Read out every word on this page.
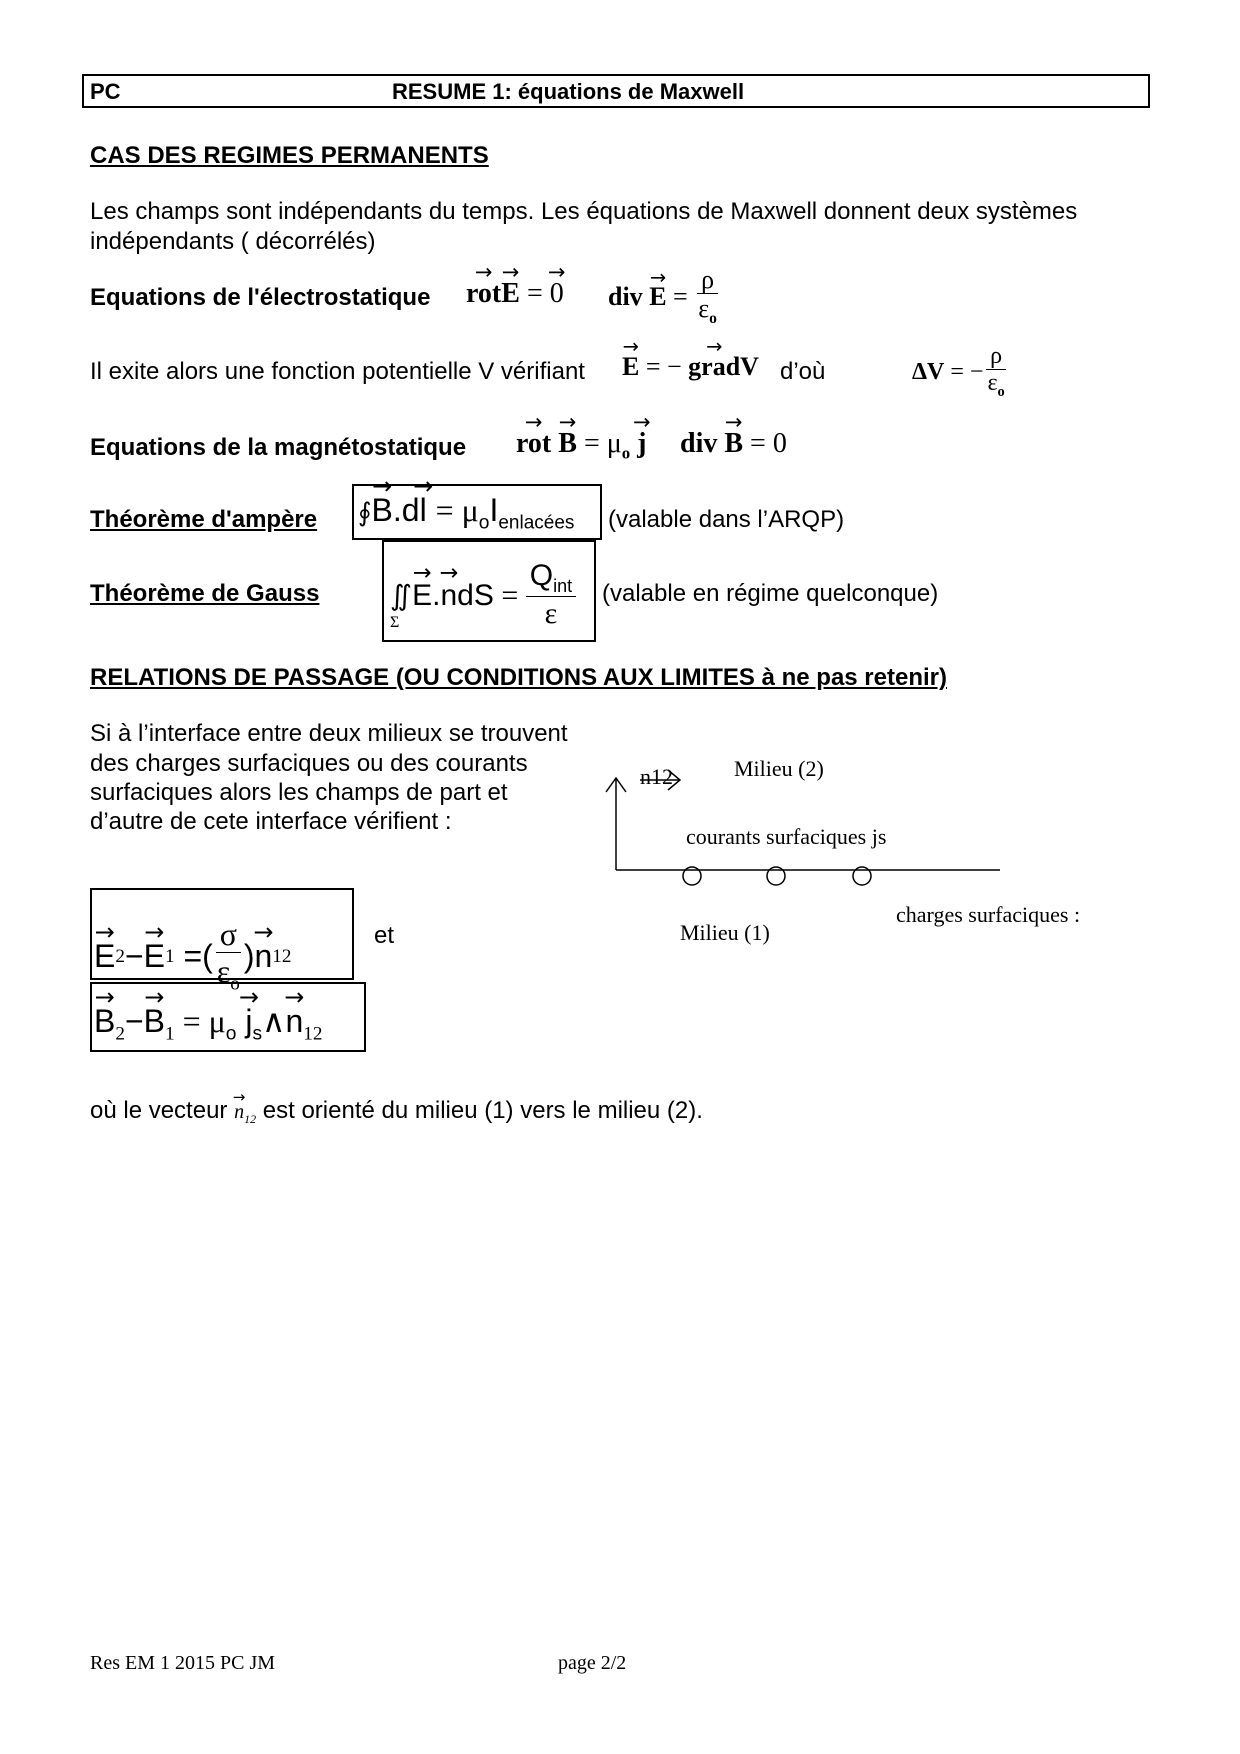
PC	RESUME 1: équations de Maxwell
CAS DES REGIMES PERMANENTS
Les champs sont indépendants du temps. Les équations de Maxwell donnent deux systèmes
indépendants ( décorrélés)
Equations de l'électrostatique → rot→ E = → 0 div → $E = \frac{\rho}{\varepsilon_o}$
Il exite alors une fonction potentielle V vérifiant → E = − → gradV d’où	ΔV = − $\frac{\rho}{\varepsilon_o}$
Equations de la magnétostatique → rot → $B = \mu_o \to j$ div → B = 0
Théorème d'ampère ∮→ $B.d\to l = \mu_oI_{enlacées}$ (valable dans l’ARQP)
Théorème de Gauss	∬ → E . → n dS = $\frac{Q_{int}}{\varepsilon}$
Σ
(valable en régime quelconque)
RELATIONS DE PASSAGE (OU CONDITIONS AUX LIMITES à ne pas retenir)
Si à l’interface entre deux milieux se trouvent
des charges surfaciques ou des courants
surfaciques alors les champs de part et
d’autre de cete interface vérifient :
n12	Milieu (2)
courants surfaciques js
Milieu (1)
charges surfaciques :
→ E 2 − → E 1 =( $\frac{\sigma}{\varepsilon_o}$ ) → n 12
et
→ $B_2-\to B_1 = \mu_o$ → $j_s\wedge\to n_{12}$
où le vecteur → $n_{12}$ est orienté du milieu (1) vers le milieu (2).
Res EM 1 2015 PC JM	page 2/2
